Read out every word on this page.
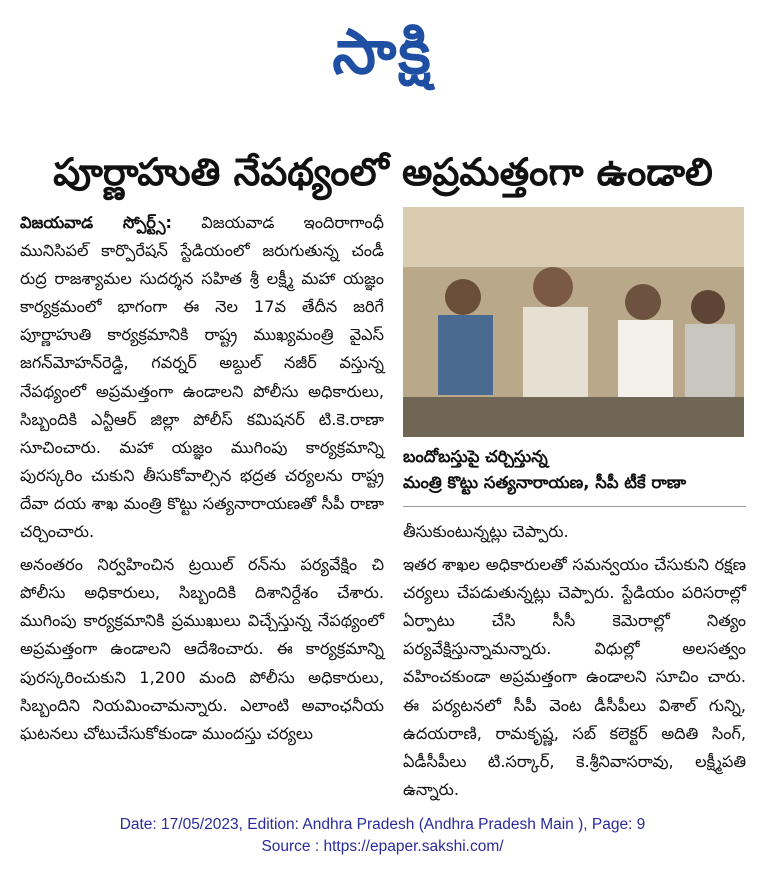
సాక్షి
పూర్ణాహుతి నేపథ్యంలో అప్రమత్తంగా ఉండాలి

విజయవాడ స్పోర్ట్స్: విజయవాడ ఇందిరాగాంధీ మునిసిపల్ కార్పొరేషన్ స్టేడియంలో జరుగుతున్న చండీ రుద్ర రాజశ్యామల సుదర్శన సహిత శ్రీ లక్ష్మీ మహా యజ్ఞం కార్యక్రమంలో భాగంగా ఈ నెల 17వ తేదీన జరిగే పూర్ణాహుతి కార్యక్రమానికి రాష్ట్ర ముఖ్యమంత్రి వైఎస్ జగన్‌మోహన్‌రెడ్డి, గవర్నర్ అబ్దుల్ నజీర్ వస్తున్న నేపథ్యంలో అప్రమత్తంగా ఉండాలని పోలీసు అధికారులు, సిబ్బందికి ఎన్టీఆర్ జిల్లా పోలీస్ కమిషనర్ టి.కె.రాణా సూచించారు. మహా యజ్ఞం ముగింపు కార్యక్రమాన్ని పురస్కరిం చుకుని తీసుకోవాల్సిన భద్రత చర్యలను రాష్ట్ర దేవా దయ శాఖ మంత్రి కొట్టు సత్యనారాయణతో సీపీ రాణా చర్చించారు.

అనంతరం నిర్వహించిన ట్రయిల్ రన్‌ను పర్యవేక్షిం చి పోలీసు అధికారులు, సిబ్బందికి దిశానిర్దేశం చేశారు. ముగింపు కార్యక్రమానికి ప్రముఖులు విచ్చేస్తున్న నేపథ్యంలో అప్రమత్తంగా ఉండాలని ఆదేశించారు. ఈ కార్యక్రమాన్ని పురస్కరించుకుని 1,200 మంది పోలీసు అధికారులు, సిబ్బందిని నియమించామన్నారు. ఎలాంటి అవాంఛనీయ ఘటనలు చోటుచేసుకోకుండా ముందస్తు చర్యలు

బందోబస్తుపై చర్చిస్తున్న
మంత్రి కొట్టు సత్యనారాయణ, సీపీ టీకే రాణా

తీసుకుంటున్నట్లు చెప్పారు.

ఇతర శాఖల అధికారులతో సమన్వయం చేసుకుని రక్షణ చర్యలు చేపడుతున్నట్లు చెప్పారు. స్టేడియం పరిసరాల్లో ఏర్పాటు చేసి సీసీ కెమెరాల్లో నిత్యం పర్యవేక్షిస్తున్నామన్నారు. విధుల్లో అలసత్వం వహించకుండా అప్రమత్తంగా ఉండాలని సూచిం చారు. ఈ పర్యటనలో సీపీ వెంట డీసీపీలు విశాల్ గున్ని, ఉదయరాణి, రామకృష్ణ, సబ్ కలెక్టర్ అదితి సింగ్, ఏడీసీపీలు టి.సర్కార్, కె.శ్రీనివాసరావు, లక్ష్మీపతి ఉన్నారు.

Date: 17/05/2023, Edition: Andhra Pradesh (Andhra Pradesh Main ), Page: 9
Source : https://epaper.sakshi.com/
